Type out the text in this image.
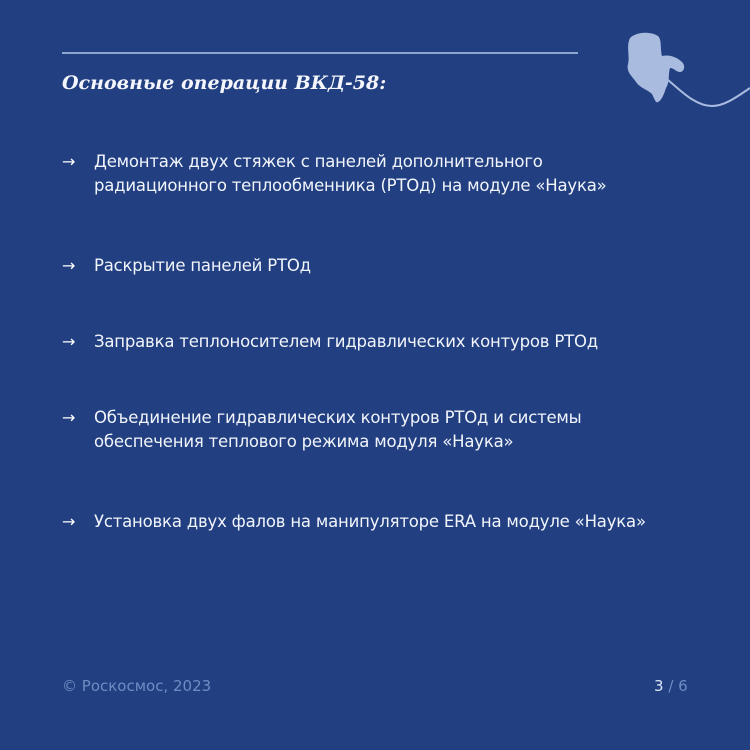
Основные операции ВКД-58:
→	Демонтаж двух стяжек с панелей дополнительного
радиационного теплообменника (РТОд) на модуле «Наука»
→	Раскрытие панелей РТОд
→	Заправка теплоносителем гидравлических контуров РТОд
→	Объединение гидравлических контуров РТОд и системы
обеспечения теплового режима модуля «Наука»
→	Установка двух фалов на манипуляторе ERA на модуле «Наука»
© Роскосмос, 2023	3 / 6
